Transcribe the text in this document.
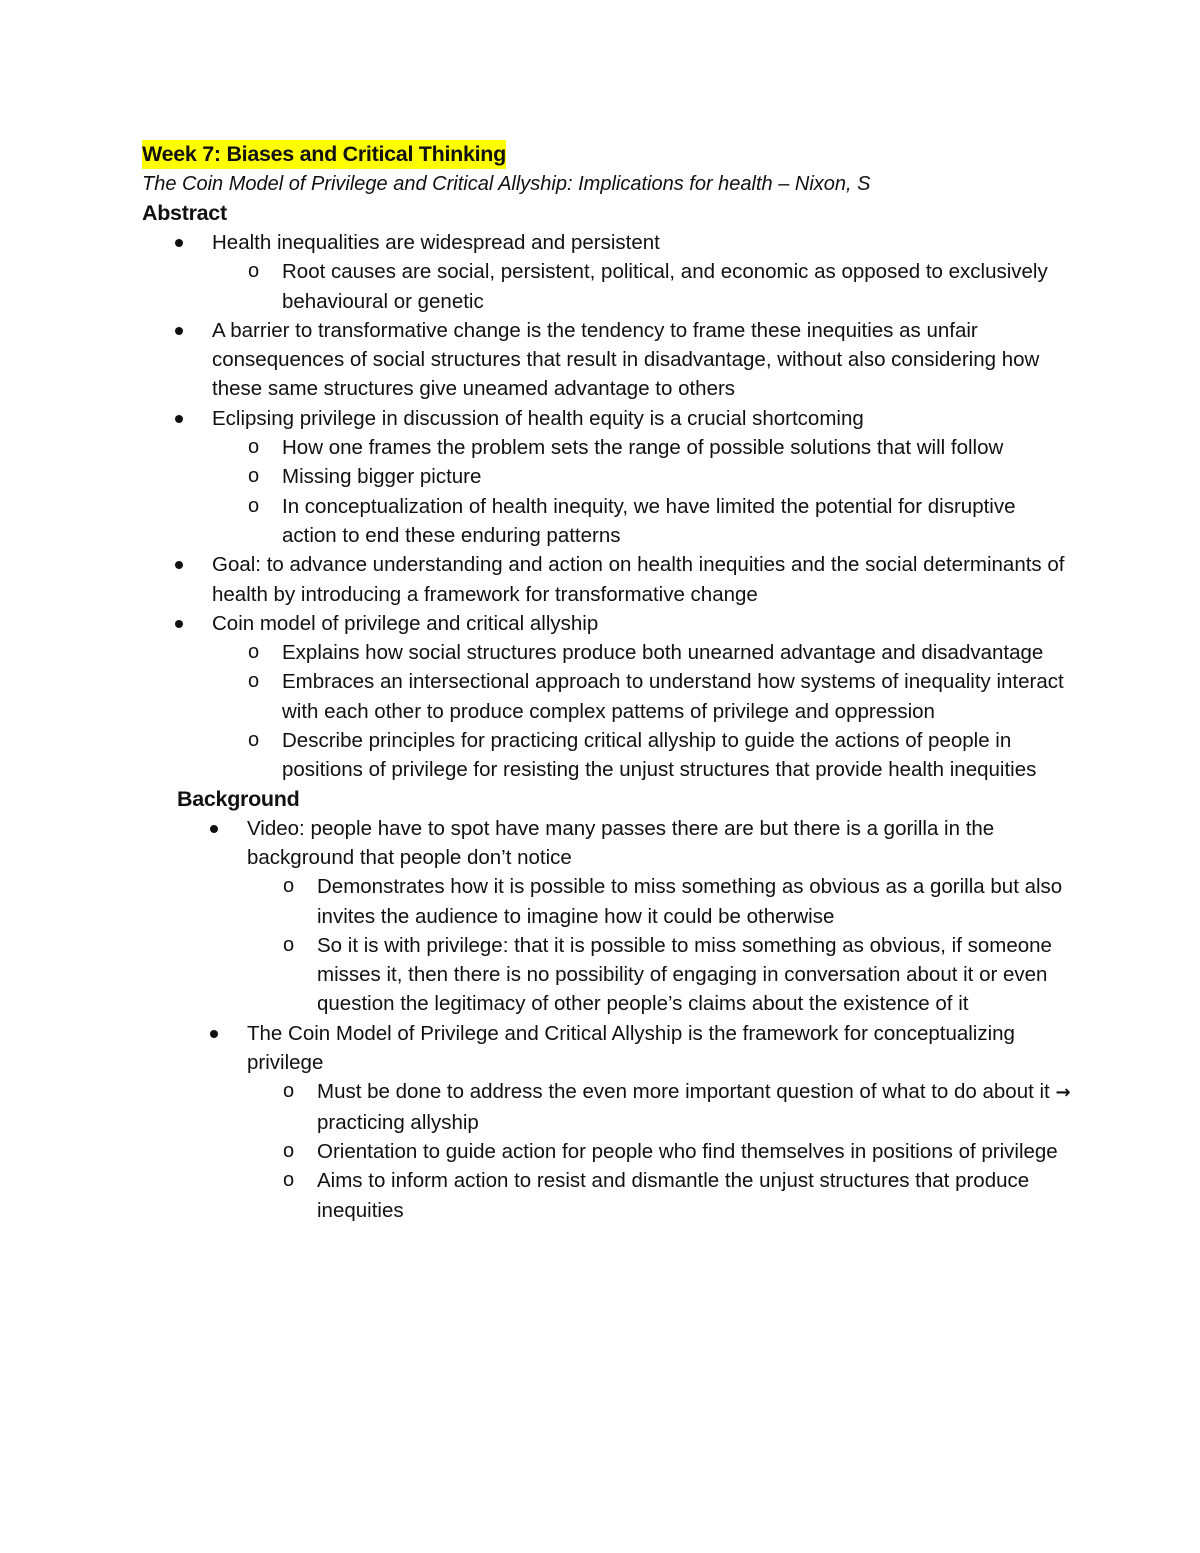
Week 7: Biases and Critical Thinking

The Coin Model of Privilege and Critical Allyship: Implications for health – Nixon, S

Abstract

Health inequalities are widespread and persistent
o Root causes are social, persistent, political, and economic as opposed to exclusively behavioural or genetic
A barrier to transformative change is the tendency to frame these inequities as unfair consequences of social structures that result in disadvantage, without also considering how these same structures give uneamed advantage to others
Eclipsing privilege in discussion of health equity is a crucial shortcoming
o How one frames the problem sets the range of possible solutions that will follow
o Missing bigger picture
o In conceptualization of health inequity, we have limited the potential for disruptive action to end these enduring patterns
Goal: to advance understanding and action on health inequities and the social determinants of health by introducing a framework for transformative change
Coin model of privilege and critical allyship
o Explains how social structures produce both unearned advantage and disadvantage
o Embraces an intersectional approach to understand how systems of inequality interact with each other to produce complex pattems of privilege and oppression
o Describe principles for practicing critical allyship to guide the actions of people in positions of privilege for resisting the unjust structures that provide health inequities

Background

Video: people have to spot have many passes there are but there is a gorilla in the background that people don’t notice
o Demonstrates how it is possible to miss something as obvious as a gorilla but also invites the audience to imagine how it could be otherwise
o So it is with privilege: that it is possible to miss something as obvious, if someone misses it, then there is no possibility of engaging in conversation about it or even question the legitimacy of other people’s claims about the existence of it
The Coin Model of Privilege and Critical Allyship is the framework for conceptualizing privilege
o Must be done to address the even more important question of what to do about it → practicing allyship
o Orientation to guide action for people who find themselves in positions of privilege
o Aims to inform action to resist and dismantle the unjust structures that produce inequities
